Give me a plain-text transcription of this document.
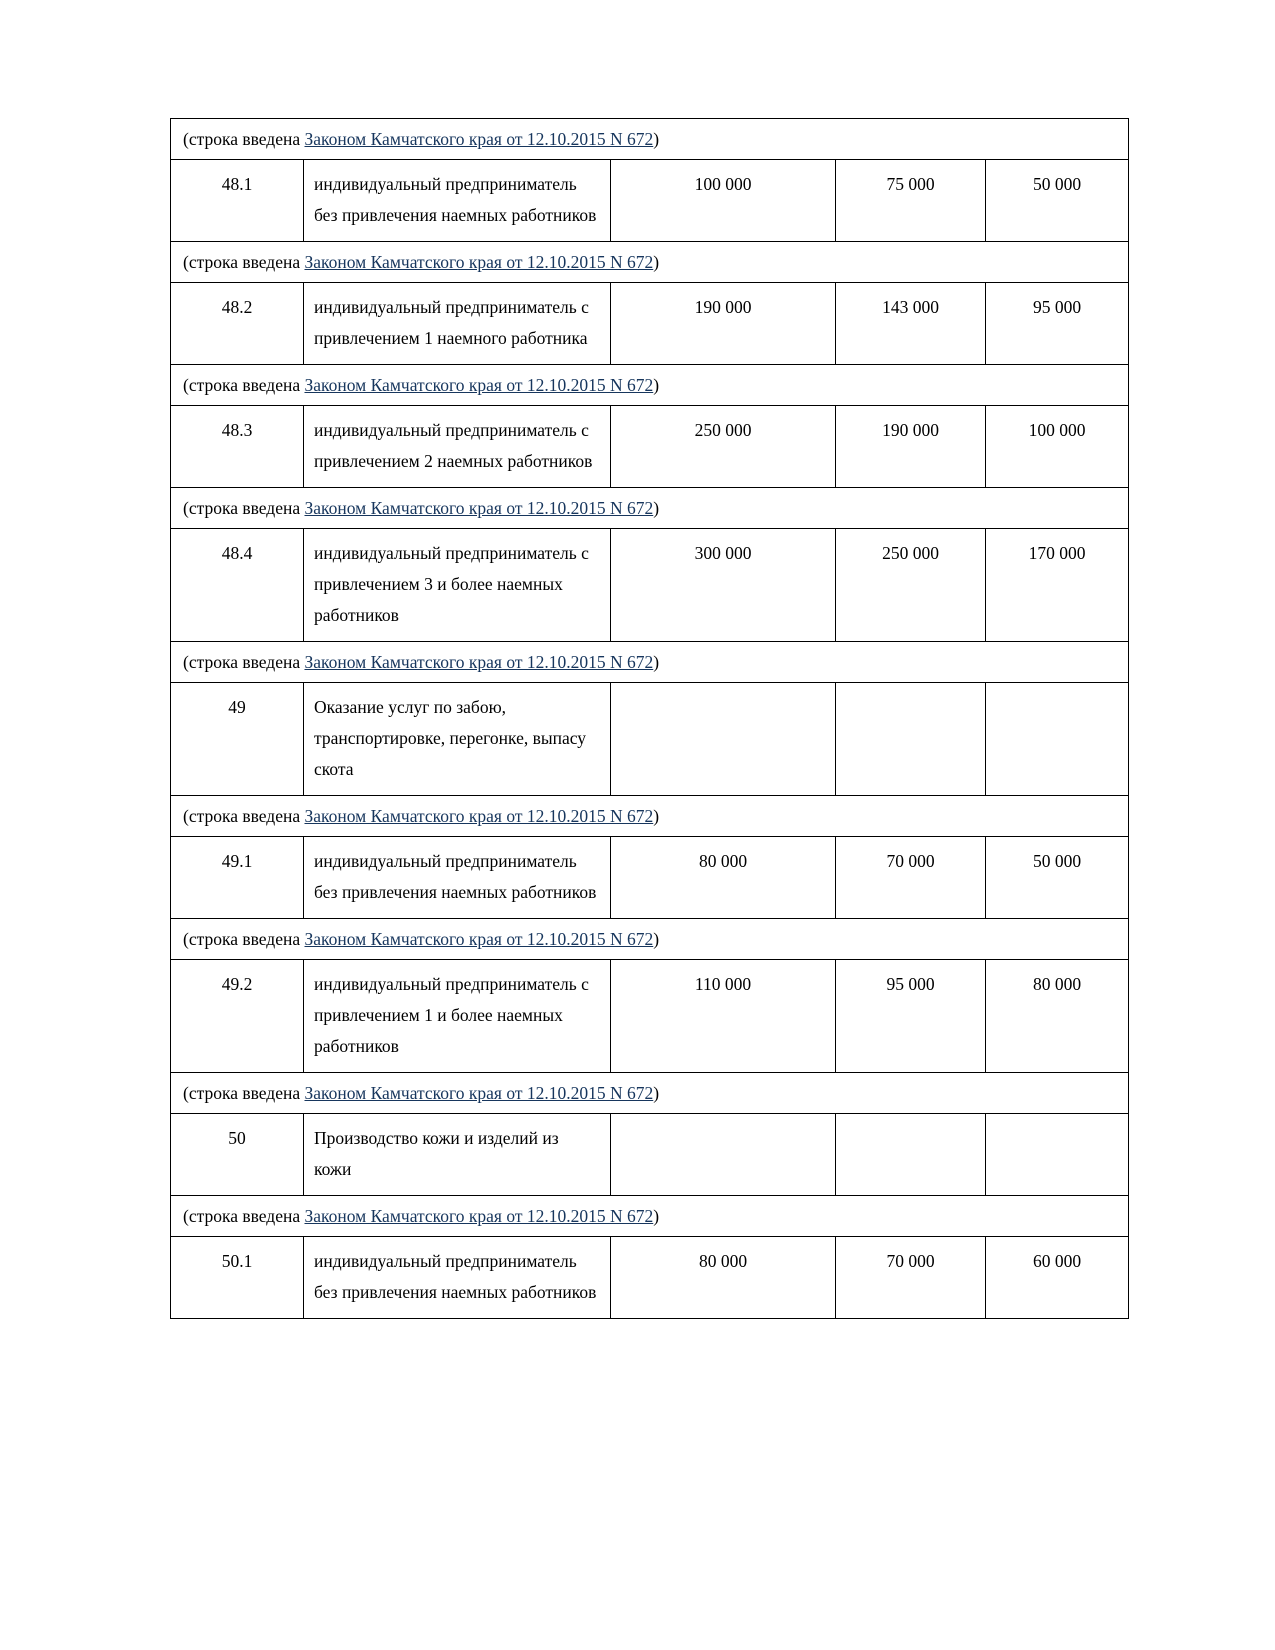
(строка введена Законом Камчатского края от 12.10.2015 N 672)				
48.1	индивидуальный предприниматель без привлечения наемных работников	100 000	75 000	50 000
(строка введена Законом Камчатского края от 12.10.2015 N 672)				
48.2	индивидуальный предприниматель с привлечением 1 наемного работника	190 000	143 000	95 000
(строка введена Законом Камчатского края от 12.10.2015 N 672)				
48.3	индивидуальный предприниматель с привлечением 2 наемных работников	250 000	190 000	100 000
(строка введена Законом Камчатского края от 12.10.2015 N 672)				
48.4	индивидуальный предприниматель с привлечением 3 и более наемных работников	300 000	250 000	170 000
(строка введена Законом Камчатского края от 12.10.2015 N 672)				
49	Оказание услуг по забою, транспортировке, перегонке, выпасу скота			
(строка введена Законом Камчатского края от 12.10.2015 N 672)				
49.1	индивидуальный предприниматель без привлечения наемных работников	80 000	70 000	50 000
(строка введена Законом Камчатского края от 12.10.2015 N 672)				
49.2	индивидуальный предприниматель с привлечением 1 и более наемных работников	110 000	95 000	80 000
(строка введена Законом Камчатского края от 12.10.2015 N 672)				
50	Производство кожи и изделий из кожи			
(строка введена Законом Камчатского края от 12.10.2015 N 672)				
50.1	индивидуальный предприниматель без привлечения наемных работников	80 000	70 000	60 000
